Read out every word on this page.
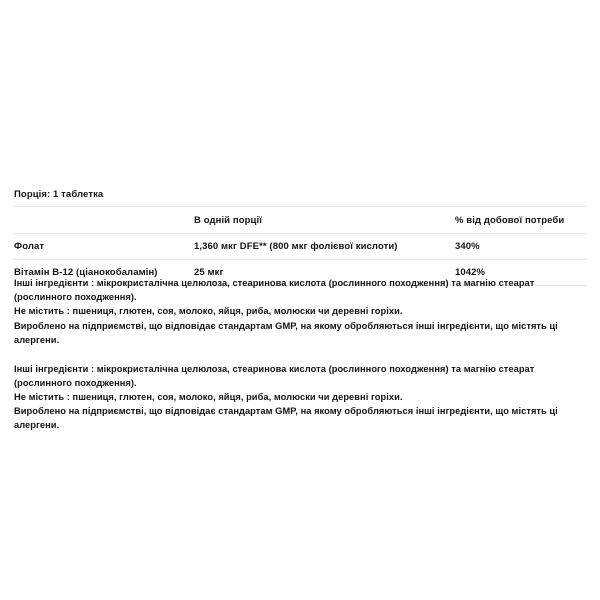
Порція: 1 таблетка		
	В одній порції	% від добової потреби
Фолат	1,360 мкг DFE** (800 мкг фолієвої кислоти)	340%
Вітамін B-12 (ціанокобаламін)	25 мкг	1042%

Інші інгредієнти : мікрокристалічна целюлоза, стеаринова кислота (рослинного походження) та магнію стеарат (рослинного походження).

Не містить : пшениця, глютен, соя, молоко, яйця, риба, молюски чи деревні горіхи.

Вироблено на підприємстві, що відповідає стандартам GMP, на якому обробляються інші інгредієнти, що містять ці алергени.

Інші інгредієнти : мікрокристалічна целюлоза, стеаринова кислота (рослинного походження) та магнію стеарат (рослинного походження).

Не містить : пшениця, глютен, соя, молоко, яйця, риба, молюски чи деревні горіхи.

Вироблено на підприємстві, що відповідає стандартам GMP, на якому обробляються інші інгредієнти, що містять ці алергени.
